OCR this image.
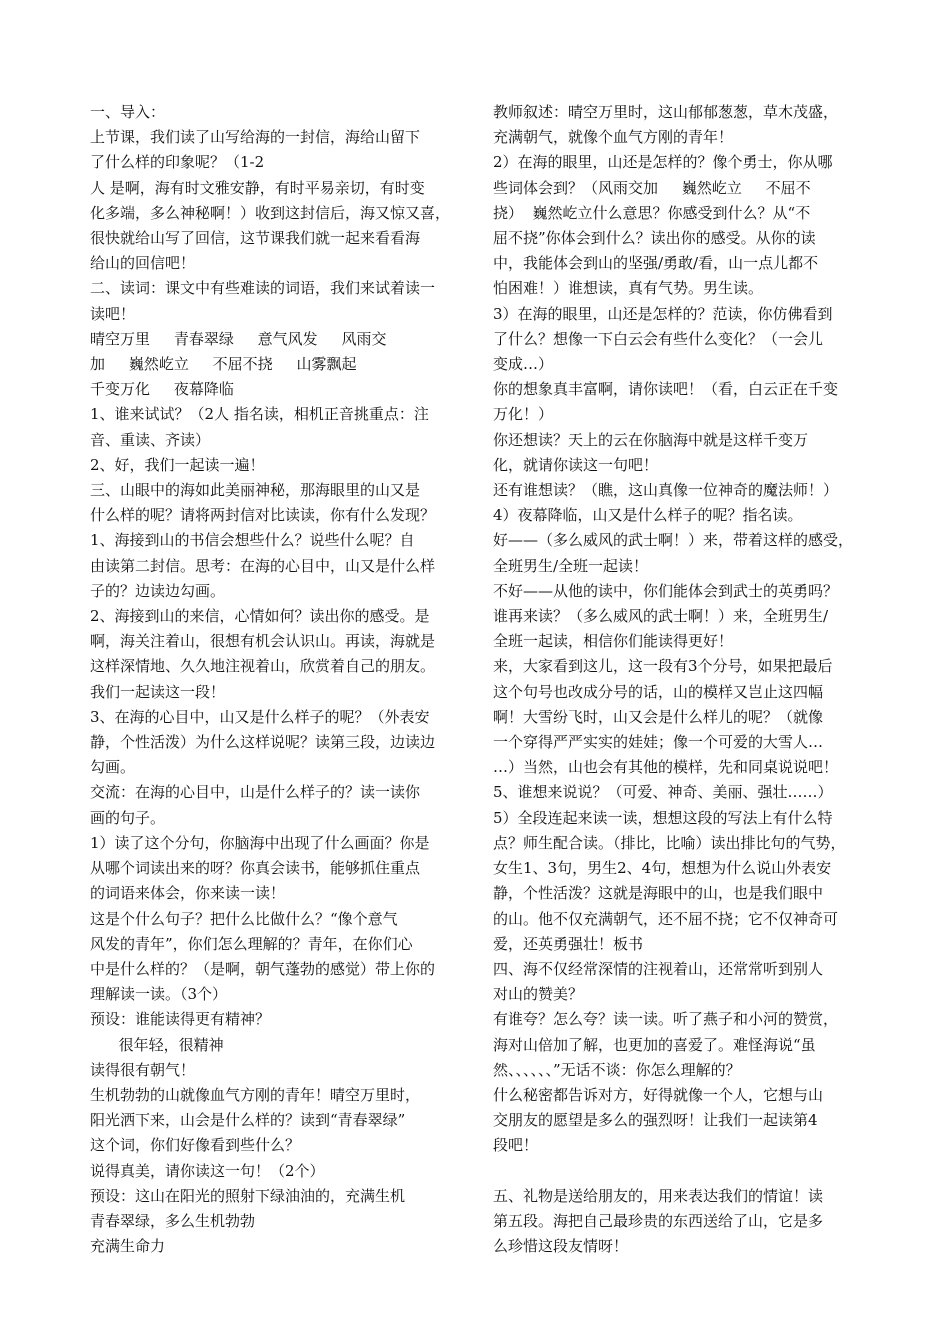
一、导入：
上节课，我们读了山写给海的一封信，海给山留下
了什么样的印象呢？（1-2
人 是啊，海有时文雅安静，有时平易亲切，有时变
化多端，多么神秘啊！）收到这封信后，海又惊又喜，
很快就给山写了回信，这节课我们就一起来看看海
给山的回信吧！
二、读词：课文中有些难读的词语，我们来试着读一
读吧！
晴空万里     青春翠绿     意气风发     风雨交
加     巍然屹立     不屈不挠     山雾飘起
千变万化     夜幕降临
1、谁来试试？（2人 指名读，相机正音挑重点：注
音、重读、齐读）
2、好，我们一起读一遍！
三、山眼中的海如此美丽神秘，那海眼里的山又是
什么样的呢？请将两封信对比读读，你有什么发现？
1、海接到山的书信会想些什么？说些什么呢？自
由读第二封信。思考：在海的心目中，山又是什么样
子的？边读边勾画。
2、海接到山的来信，心情如何？读出你的感受。是
啊，海关注着山，很想有机会认识山。再读，海就是
这样深情地、久久地注视着山，欣赏着自己的朋友。
我们一起读这一段！
3、在海的心目中，山又是什么样子的呢？（外表安
静，个性活泼）为什么这样说呢？读第三段，边读边
勾画。
交流：在海的心目中，山是什么样子的？读一读你
画的句子。
1）读了这个分句，你脑海中出现了什么画面？你是
从哪个词读出来的呀？你真会读书，能够抓住重点
的词语来体会，你来读一读！
这是个什么句子？把什么比做什么？“像个意气
风发的青年”，你们怎么理解的？青年，在你们心
中是什么样的？（是啊，朝气蓬勃的感觉）带上你的
理解读一读。（3个）
预设：谁能读得更有精神？
很年轻，很精神
读得很有朝气！
生机勃勃的山就像血气方刚的青年！晴空万里时，
阳光洒下来，山会是什么样的？读到“青春翠绿”
这个词，你们好像看到些什么？
说得真美，请你读这一句！（2个）
预设：这山在阳光的照射下绿油油的，充满生机
青春翠绿，多么生机勃勃
充满生命力
教师叙述：晴空万里时，这山郁郁葱葱，草木茂盛，
充满朝气，就像个血气方刚的青年！
2）在海的眼里，山还是怎样的？像个勇士，你从哪
些词体会到？（风雨交加     巍然屹立     不屈不
挠）  巍然屹立什么意思？你感受到什么？从“不
屈不挠”你体会到什么？读出你的感受。从你的读
中，我能体会到山的坚强/勇敢/看，山一点儿都不
怕困难！）谁想读，真有气势。男生读。
3）在海的眼里，山还是怎样的？范读，你仿佛看到
了什么？想像一下白云会有些什么变化？（一会儿
变成…）
你的想象真丰富啊，请你读吧！（看，白云正在千变
万化！）
你还想读？天上的云在你脑海中就是这样千变万
化，就请你读这一句吧！
还有谁想读？（瞧，这山真像一位神奇的魔法师！）
4）夜幕降临，山又是什么样子的呢？指名读。
好——（多么威风的武士啊！）来，带着这样的感受，
全班男生/全班一起读！
不好——从他的读中，你们能体会到武士的英勇吗？
谁再来读？（多么威风的武士啊！）来，全班男生/
全班一起读，相信你们能读得更好！
来，大家看到这儿，这一段有3个分号，如果把最后
这个句号也改成分号的话，山的模样又岂止这四幅
啊！大雪纷飞时，山又会是什么样儿的呢？（就像
一个穿得严严实实的娃娃；像一个可爱的大雪人…
…）当然，山也会有其他的模样，先和同桌说说吧！
5、谁想来说说？（可爱、神奇、美丽、强壮……）
5）全段连起来读一读，想想这段的写法上有什么特
点？师生配合读。（排比，比喻）读出排比句的气势，
女生1、3句，男生2、4句，想想为什么说山外表安
静，个性活泼？这就是海眼中的山，也是我们眼中
的山。他不仅充满朝气，还不屈不挠；它不仅神奇可
爱，还英勇强壮！板书
四、海不仅经常深情的注视着山，还常常听到别人
对山的赞美？
有谁夸？怎么夸？读一读。听了燕子和小河的赞赏，
海对山倍加了解，也更加的喜爱了。难怪海说“虽
然、、、、、、”无话不谈：你怎么理解的？
什么秘密都告诉对方，好得就像一个人，它想与山
交朋友的愿望是多么的强烈呀！让我们一起读第4
段吧！
五、礼物是送给朋友的，用来表达我们的情谊！读
第五段。海把自己最珍贵的东西送给了山，它是多
么珍惜这段友情呀！
